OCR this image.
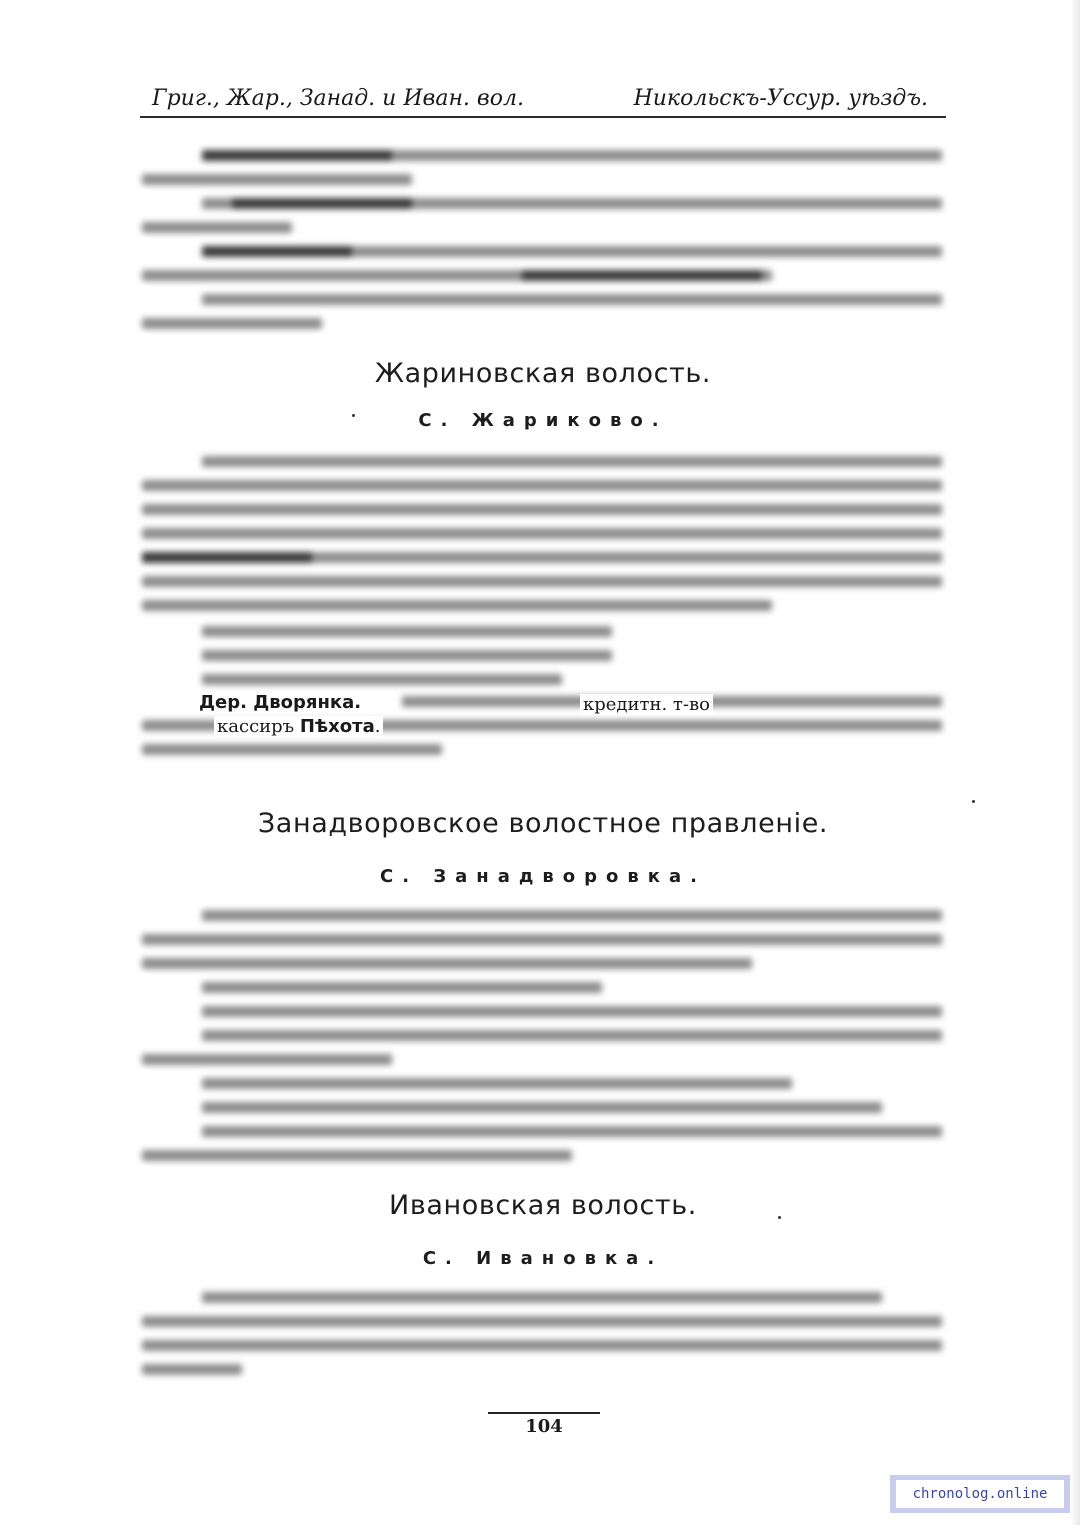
Григ., Жар., Занад. и Иван. вол.	Никольскъ-Уссур. уѣздъ.
Жариновская волость.
С. Жариково.
Дер. Дворянка.	кредитн. т-во
кассиръ Пѣхота.
Занадворовское волостное правленіе.
С. Занадворовка.
Ивановская волость.
С. Ивановка.
104
chronolog.online
